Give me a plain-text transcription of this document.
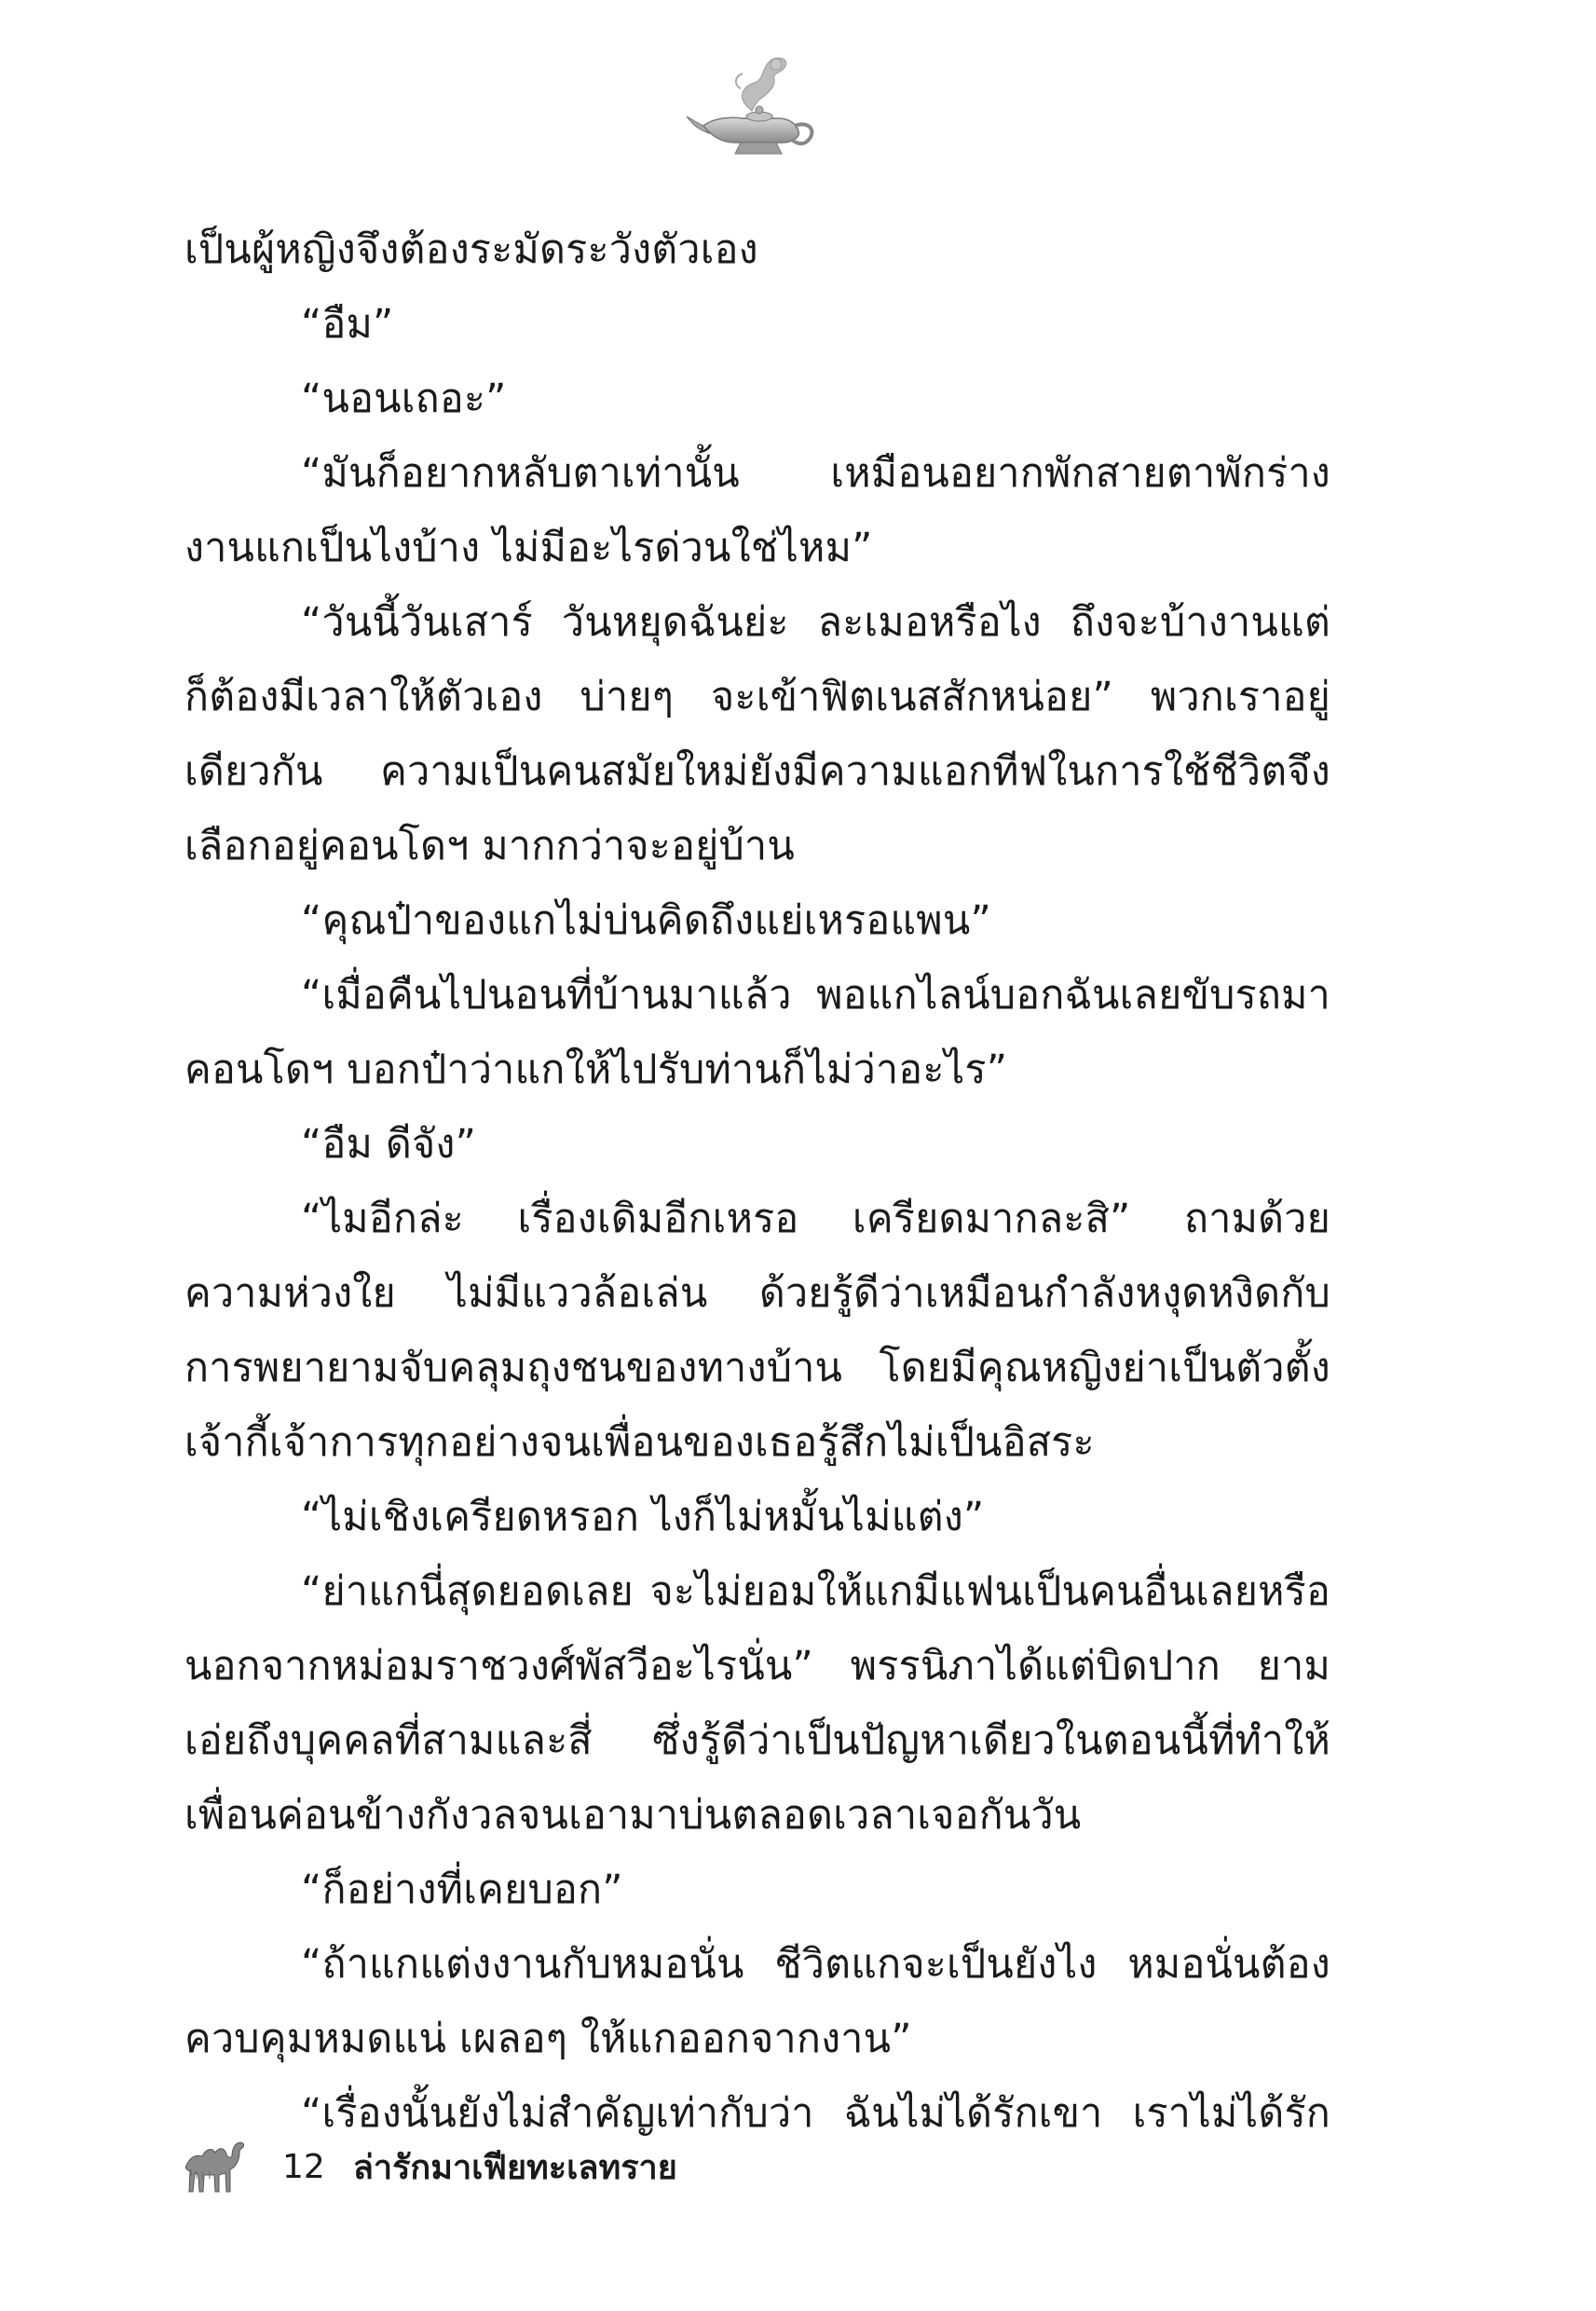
เป็นผู้หญิงจึงต้องระมัดระวังตัวเอง
“อืม”
“นอนเถอะ”
“มันก็อยากหลับตาเท่านั้น เหมือนอยากพักสายตาพักร่าง
งานแกเป็นไงบ้าง ไม่มีอะไรด่วนใช่ไหม”
“วันนี้วันเสาร์ วันหยุดฉันย่ะ ละเมอหรือไง ถึงจะบ้างานแต่
ก็ต้องมีเวลาให้ตัวเอง บ่ายๆ จะเข้าฟิตเนสสักหน่อย” พวกเราอยู่
เดียวกัน ความเป็นคนสมัยใหม่ยังมีความแอกทีฟในการใช้ชีวิตจึง
เลือกอยู่คอนโดฯ มากกว่าจะอยู่บ้าน
“คุณป๋าของแกไม่บ่นคิดถึงแย่เหรอแพน”
“เมื่อคืนไปนอนที่บ้านมาแล้ว พอแกไลน์บอกฉันเลยขับรถมา
คอนโดฯ บอกป๋าว่าแกให้ไปรับท่านก็ไม่ว่าอะไร”
“อืม ดีจัง”
“ไมอีกล่ะ เรื่องเดิมอีกเหรอ เครียดมากละสิ” ถามด้วย
ความห่วงใย ไม่มีแววล้อเล่น ด้วยรู้ดีว่าเหมือนกำลังหงุดหงิดกับ
การพยายามจับคลุมถุงชนของทางบ้าน โดยมีคุณหญิงย่าเป็นตัวตั้ง
เจ้ากี้เจ้าการทุกอย่างจนเพื่อนของเธอรู้สึกไม่เป็นอิสระ
“ไม่เชิงเครียดหรอก ไงก็ไม่หมั้นไม่แต่ง”
“ย่าแกนี่สุดยอดเลย จะไม่ยอมให้แกมีแฟนเป็นคนอื่นเลยหรือ
นอกจากหม่อมราชวงศ์พัสวีอะไรนั่น” พรรนิภาได้แต่บิดปาก ยาม
เอ่ยถึงบุคคลที่สามและสี่ ซึ่งรู้ดีว่าเป็นปัญหาเดียวในตอนนี้ที่ทำให้
เพื่อนค่อนข้างกังวลจนเอามาบ่นตลอดเวลาเจอกันวัน
“ก็อย่างที่เคยบอก”
“ถ้าแกแต่งงานกับหมอนั่น ชีวิตแกจะเป็นยังไง หมอนั่นต้อง
ควบคุมหมดแน่ เผลอๆ ให้แกออกจากงาน”
“เรื่องนั้นยังไม่สำคัญเท่ากับว่า ฉันไม่ได้รักเขา เราไม่ได้รัก
12 ล่ารักมาเฟียทะเลทราย
